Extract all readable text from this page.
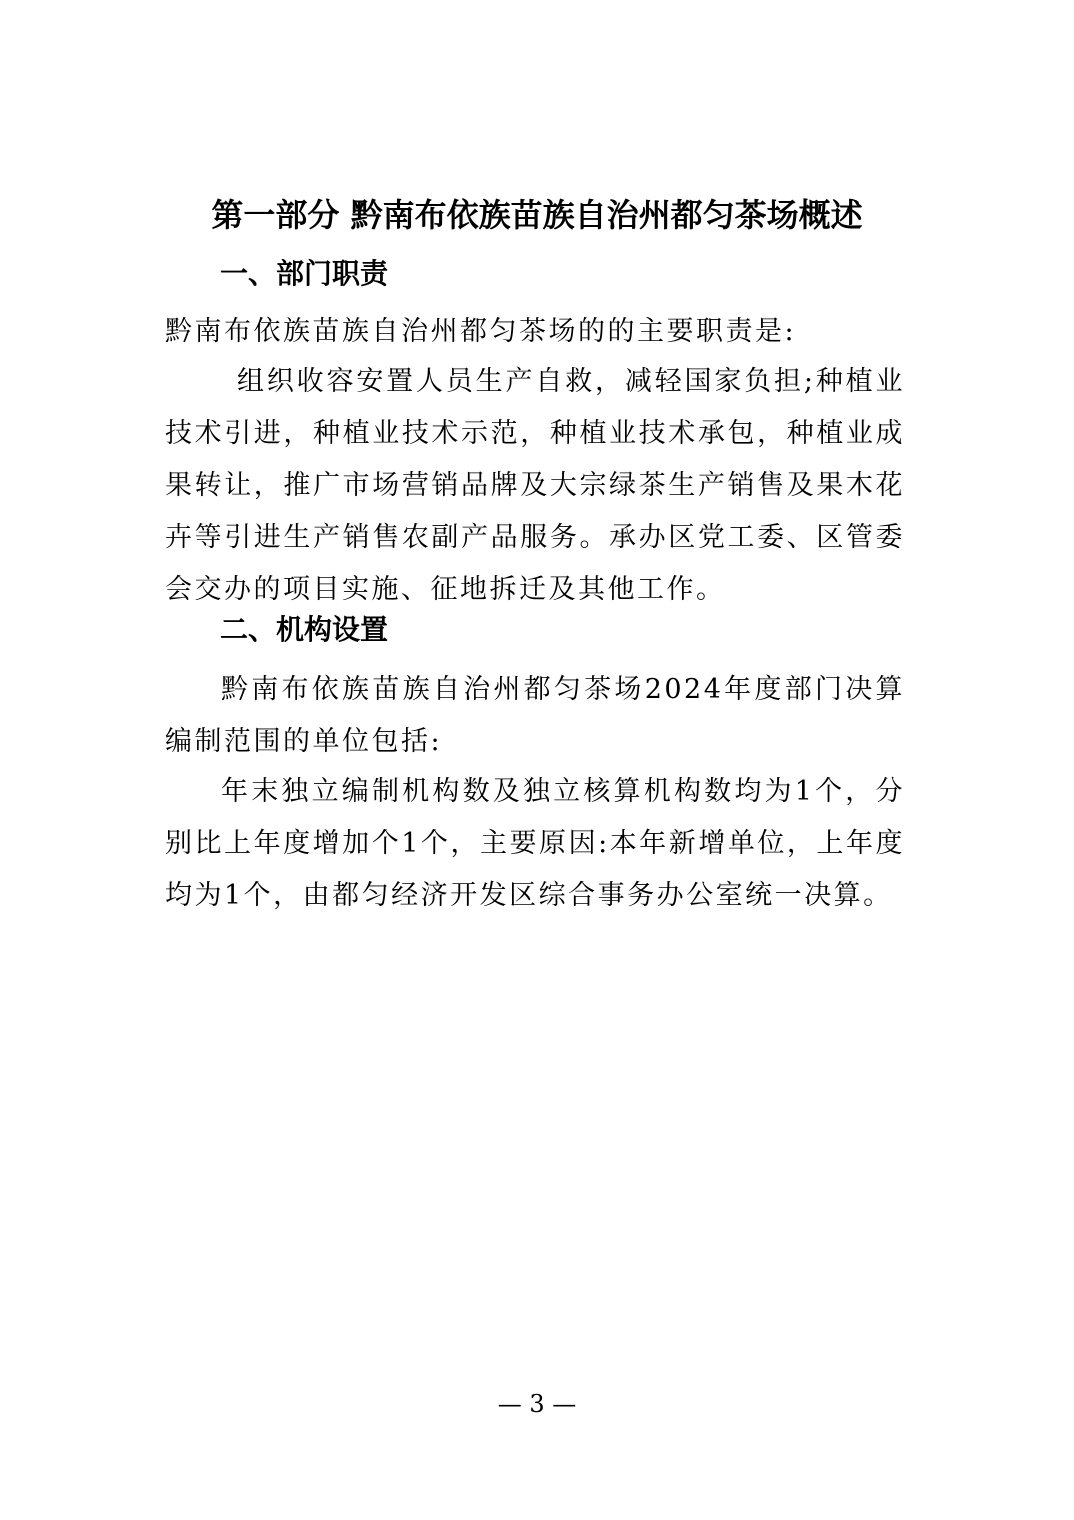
第一部分 黔南布依族苗族自治州都匀茶场概述
一、部门职责

黔南布依族苗族自治州都匀茶场的的主要职责是:

组织收容安置人员生产自救，减轻国家负担;种植业技术引进，种植业技术示范，种植业技术承包，种植业成果转让，推广市场营销品牌及大宗绿茶生产销售及果木花卉等引进生产销售农副产品服务。承办区党工委、区管委会交办的项目实施、征地拆迁及其他工作。

二、机构设置

黔南布依族苗族自治州都匀茶场2024年度部门决算编制范围的单位包括:

年末独立编制机构数及独立核算机构数均为1个，分别比上年度增加个1个，主要原因:本年新增单位，上年度均为1个，由都匀经济开发区综合事务办公室统一决算。

— 3 —
